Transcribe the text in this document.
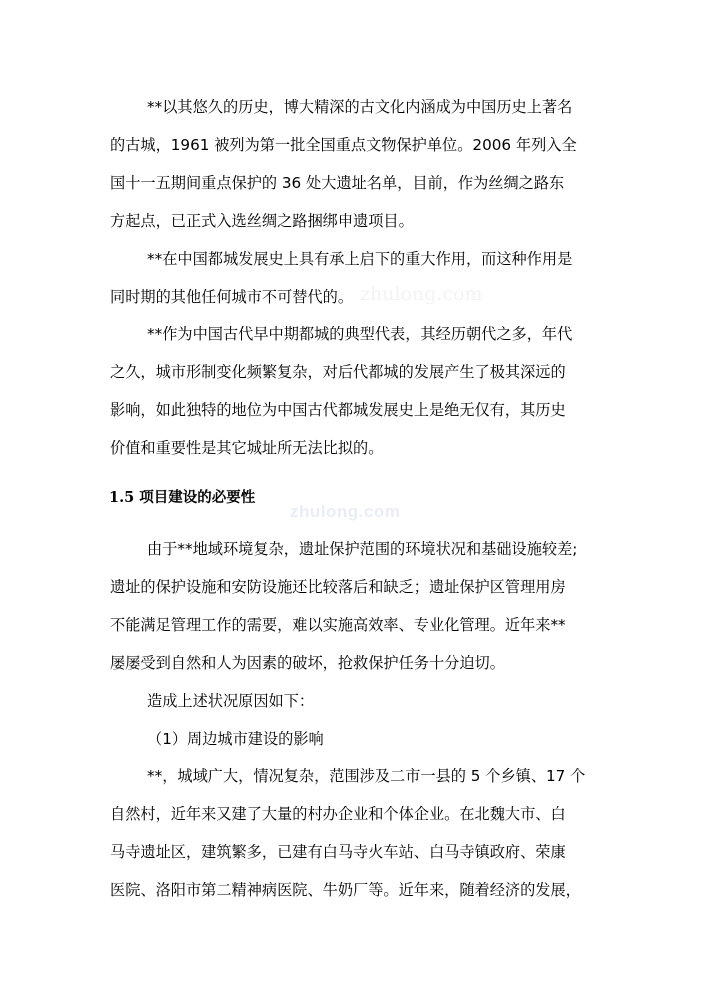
zhulong.com
zhulong.com
**以其悠久的历史，博大精深的古文化内涵成为中国历史上著名
的古城，1961 被列为第一批全国重点文物保护单位。2006 年列入全
国十一五期间重点保护的 36 处大遗址名单，目前，作为丝绸之路东
方起点，已正式入选丝绸之路捆绑申遗项目。
**在中国都城发展史上具有承上启下的重大作用，而这种作用是
同时期的其他任何城市不可替代的。
**作为中国古代早中期都城的典型代表，其经历朝代之多，年代
之久，城市形制变化频繁复杂，对后代都城的发展产生了极其深远的
影响，如此独特的地位为中国古代都城发展史上是绝无仅有，其历史
价值和重要性是其它城址所无法比拟的。
1.5 项目建设的必要性
由于**地域环境复杂，遗址保护范围的环境状况和基础设施较差;
遗址的保护设施和安防设施还比较落后和缺乏；遗址保护区管理用房
不能满足管理工作的需要，难以实施高效率、专业化管理。近年来**
屡屡受到自然和人为因素的破坏，抢救保护任务十分迫切。
造成上述状况原因如下：
（1）周边城市建设的影响
**，城域广大，情况复杂，范围涉及二市一县的 5 个乡镇、17 个
自然村，近年来又建了大量的村办企业和个体企业。在北魏大市、白
马寺遗址区，建筑繁多，已建有白马寺火车站、白马寺镇政府、荣康
医院、洛阳市第二精神病医院、牛奶厂等。近年来，随着经济的发展，
